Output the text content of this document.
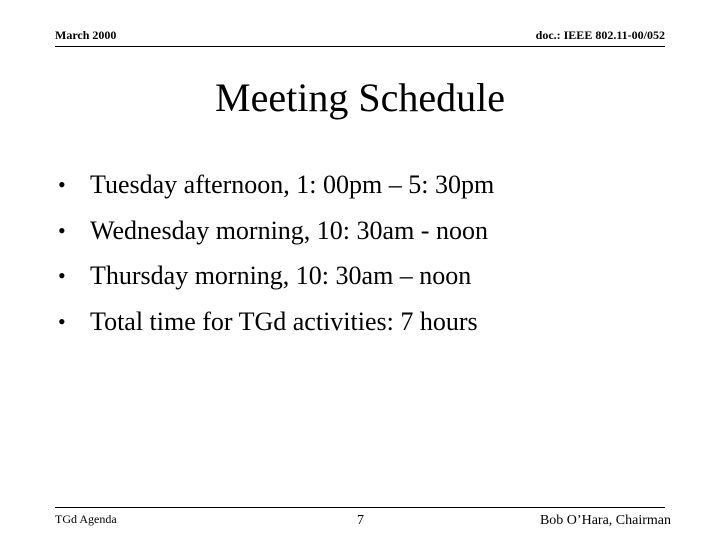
March 2000	doc.: IEEE 802.11-00/052
Meeting Schedule
• Tuesday afternoon, 1: 00pm – 5: 30pm
• Wednesday morning, 10: 30am - noon
• Thursday morning, 10: 30am – noon
• Total time for TGd activities: 7 hours
TGd Agenda	7	Bob O’Hara, Chairman
